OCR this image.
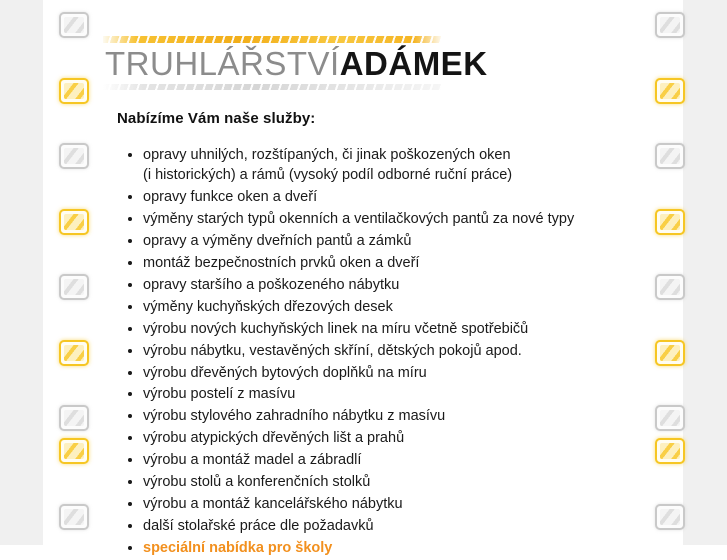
TRUHLÁŘSTVÍADÁMEK
Nabízíme Vám naše služby:
opravy uhnilých, rozštípaných, či jinak poškozených oken
(i historických) a rámů (vysoký podíl odborné ruční práce)
opravy funkce oken a dveří
výměny starých typů okenních a ventilačkových pantů za nové typy
opravy a výměny dveřních pantů a zámků
montáž bezpečnostních prvků oken a dveří
opravy staršího a poškozeného nábytku
výměny kuchyňských dřezových desek
výrobu nových kuchyňských linek na míru včetně spotřebičů
výrobu nábytku, vestavěných skříní, dětských pokojů apod.
výrobu dřevěných bytových doplňků na míru
výrobu postelí z masívu
výrobu stylového zahradního nábytku z masívu
výrobu atypických dřevěných lišt a prahů
výrobu a montáž madel a zábradlí
výrobu stolů a konferenčních stolků
výrobu a montáž kancelářského nábytku
další stolařské práce dle požadavků
speciální nabídka pro školy
